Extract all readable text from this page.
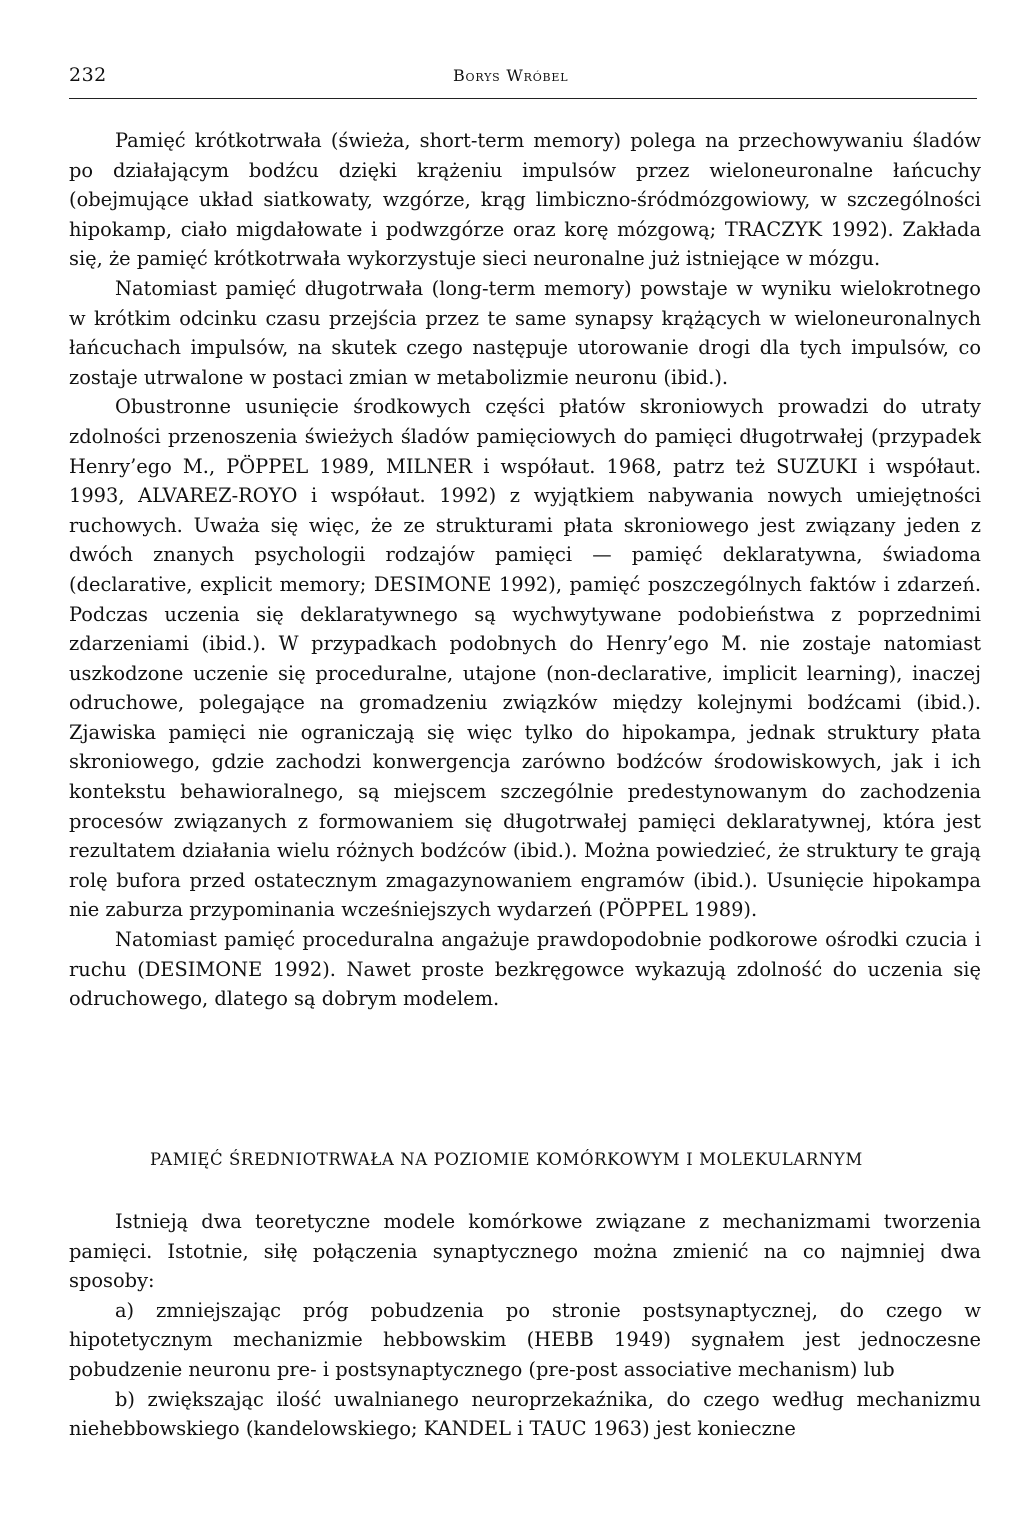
232	Borys Wróbel

Pamięć krótkotrwała (świeża, short-term memory) polega na przechowywaniu śladów po działającym bodźcu dzięki krążeniu impulsów przez wieloneuronalne łańcuchy (obejmujące układ siatkowaty, wzgórze, krąg limbiczno-śródmózgowiowy, w szczególności hipokamp, ciało migdałowate i podwzgórze oraz korę mózgową; TRACZYK 1992). Zakłada się, że pamięć krótkotrwała wykorzystuje sieci neuronalne już istniejące w mózgu.

Natomiast pamięć długotrwała (long-term memory) powstaje w wyniku wielokrotnego w krótkim odcinku czasu przejścia przez te same synapsy krążących w wieloneuronalnych łańcuchach impulsów, na skutek czego następuje utorowanie drogi dla tych impulsów, co zostaje utrwalone w postaci zmian w metabolizmie neuronu (ibid.).

Obustronne usunięcie środkowych części płatów skroniowych prowadzi do utraty zdolności przenoszenia świeżych śladów pamięciowych do pamięci długotrwałej (przypadek Henry’ego M., PÖPPEL 1989, MILNER i współaut. 1968, patrz też SUZUKI i współaut. 1993, ALVAREZ-ROYO i współaut. 1992) z wyjątkiem nabywania nowych umiejętności ruchowych. Uważa się więc, że ze strukturami płata skroniowego jest związany jeden z dwóch znanych psychologii rodzajów pamięci — pamięć deklaratywna, świadoma (declarative, explicit memory; DESIMONE 1992), pamięć poszczególnych faktów i zdarzeń. Podczas uczenia się deklaratywnego są wychwytywane podobieństwa z poprzednimi zdarzeniami (ibid.). W przypadkach podobnych do Henry’ego M. nie zostaje natomiast uszkodzone uczenie się proceduralne, utajone (non-declarative, implicit learning), inaczej odruchowe, polegające na gromadzeniu związków między kolejnymi bodźcami (ibid.). Zjawiska pamięci nie ograniczają się więc tylko do hipokampa, jednak struktury płata skroniowego, gdzie zachodzi konwergencja zarówno bodźców środowiskowych, jak i ich kontekstu behawioralnego, są miejscem szczególnie predestynowanym do zachodzenia procesów związanych z formowaniem się długotrwałej pamięci deklaratywnej, która jest rezultatem działania wielu różnych bodźców (ibid.). Można powiedzieć, że struktury te grają rolę bufora przed ostatecznym zmagazynowaniem engramów (ibid.). Usunięcie hipokampa nie zaburza przypominania wcześniejszych wydarzeń (PÖPPEL 1989).

Natomiast pamięć proceduralna angażuje prawdopodobnie podkorowe ośrodki czucia i ruchu (DESIMONE 1992). Nawet proste bezkręgowce wykazują zdolność do uczenia się odruchowego, dlatego są dobrym modelem.

PAMIĘĆ ŚREDNIOTRWAŁA NA POZIOMIE KOMÓRKOWYM I MOLEKULARNYM

Istnieją dwa teoretyczne modele komórkowe związane z mechanizmami tworzenia pamięci. Istotnie, siłę połączenia synaptycznego można zmienić na co najmniej dwa sposoby:

a) zmniejszając próg pobudzenia po stronie postsynaptycznej, do czego w hipotetycznym mechanizmie hebbowskim (HEBB 1949) sygnałem jest jednoczesne pobudzenie neuronu pre- i postsynaptycznego (pre-post associative mechanism) lub

b) zwiększając ilość uwalnianego neuroprzekaźnika, do czego według mechanizmu niehebbowskiego (kandelowskiego; KANDEL i TAUC 1963) jest konieczne
